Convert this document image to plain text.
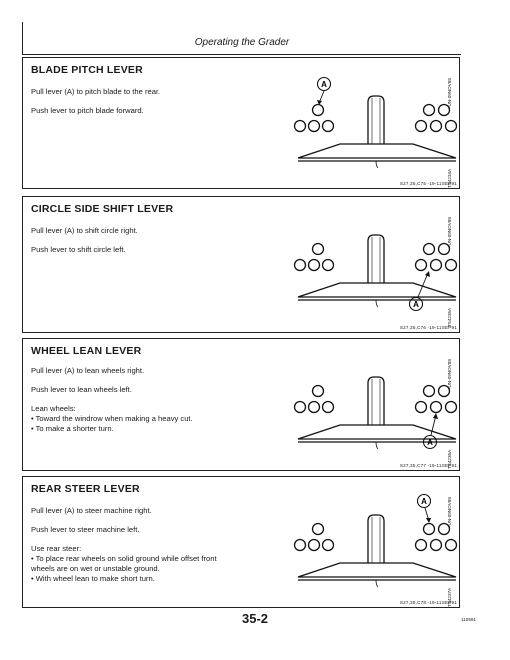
Operating the Grader
BLADE PITCH LEVER
Pull lever (A) to pitch blade to the rear.
Push lever to pitch blade forward.
A
TS4234A
-UN-09NOV88
S27,35,C75 -19-11SEP91
CIRCLE SIDE SHIFT LEVER
Pull lever (A) to shift circle right.
Push lever to shift circle left.
A
TS4235A
-UN-09NOV88
S27,35,C76 -19-11SEP91
WHEEL LEAN LEVER
Pull lever (A) to lean wheels right.
Push lever to lean wheels left.
Lean wheels:
• Toward the windrow when making a heavy cut.
• To make a shorter turn.
A
TS4236A
-UN-09NOV88
S27,35,C77 -19-11SEP91
REAR STEER LEVER
Pull lever (A) to steer machine right.
Push lever to steer machine left.
Use rear steer:
• To place rear wheels on solid ground while offset front
wheels are on wet or unstable ground.
• With wheel lean to make short turn.
A
TS4237A
-UN-09NOV88
S27,35,C78 -19-11SEP91
35-2	110591
